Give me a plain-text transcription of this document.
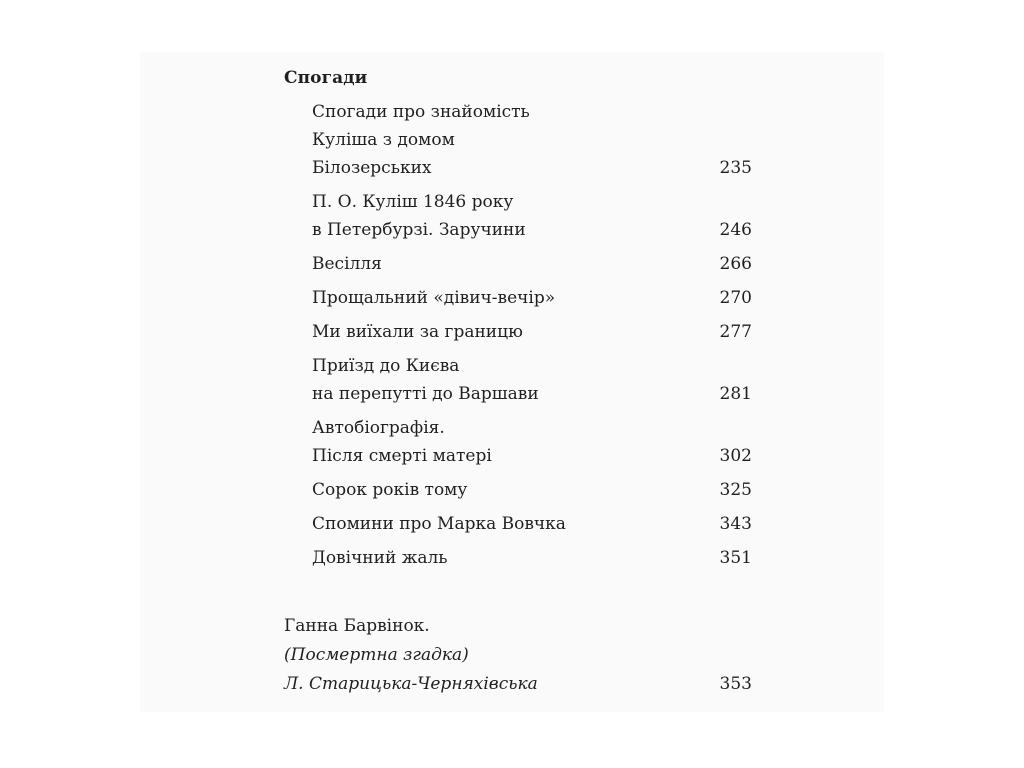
Спогади
Спогади про знайомість
Куліша з домом
Білозерських	235
П. О. Куліш 1846 року
в Петербурзі. Заручини	246
Весілля	266
Прощальний «дівич-вечір»	270
Ми виїхали за границю	277
Приїзд до Києва
на перепутті до Варшави	281
Автобіографія.
Після смерті матері	302
Сорок років тому	325
Спомини про Марка Вовчка	343
Довічний жаль	351
Ганна Барвінок.
(Посмертна згадка)
Л. Старицька-Черняхівська	353
